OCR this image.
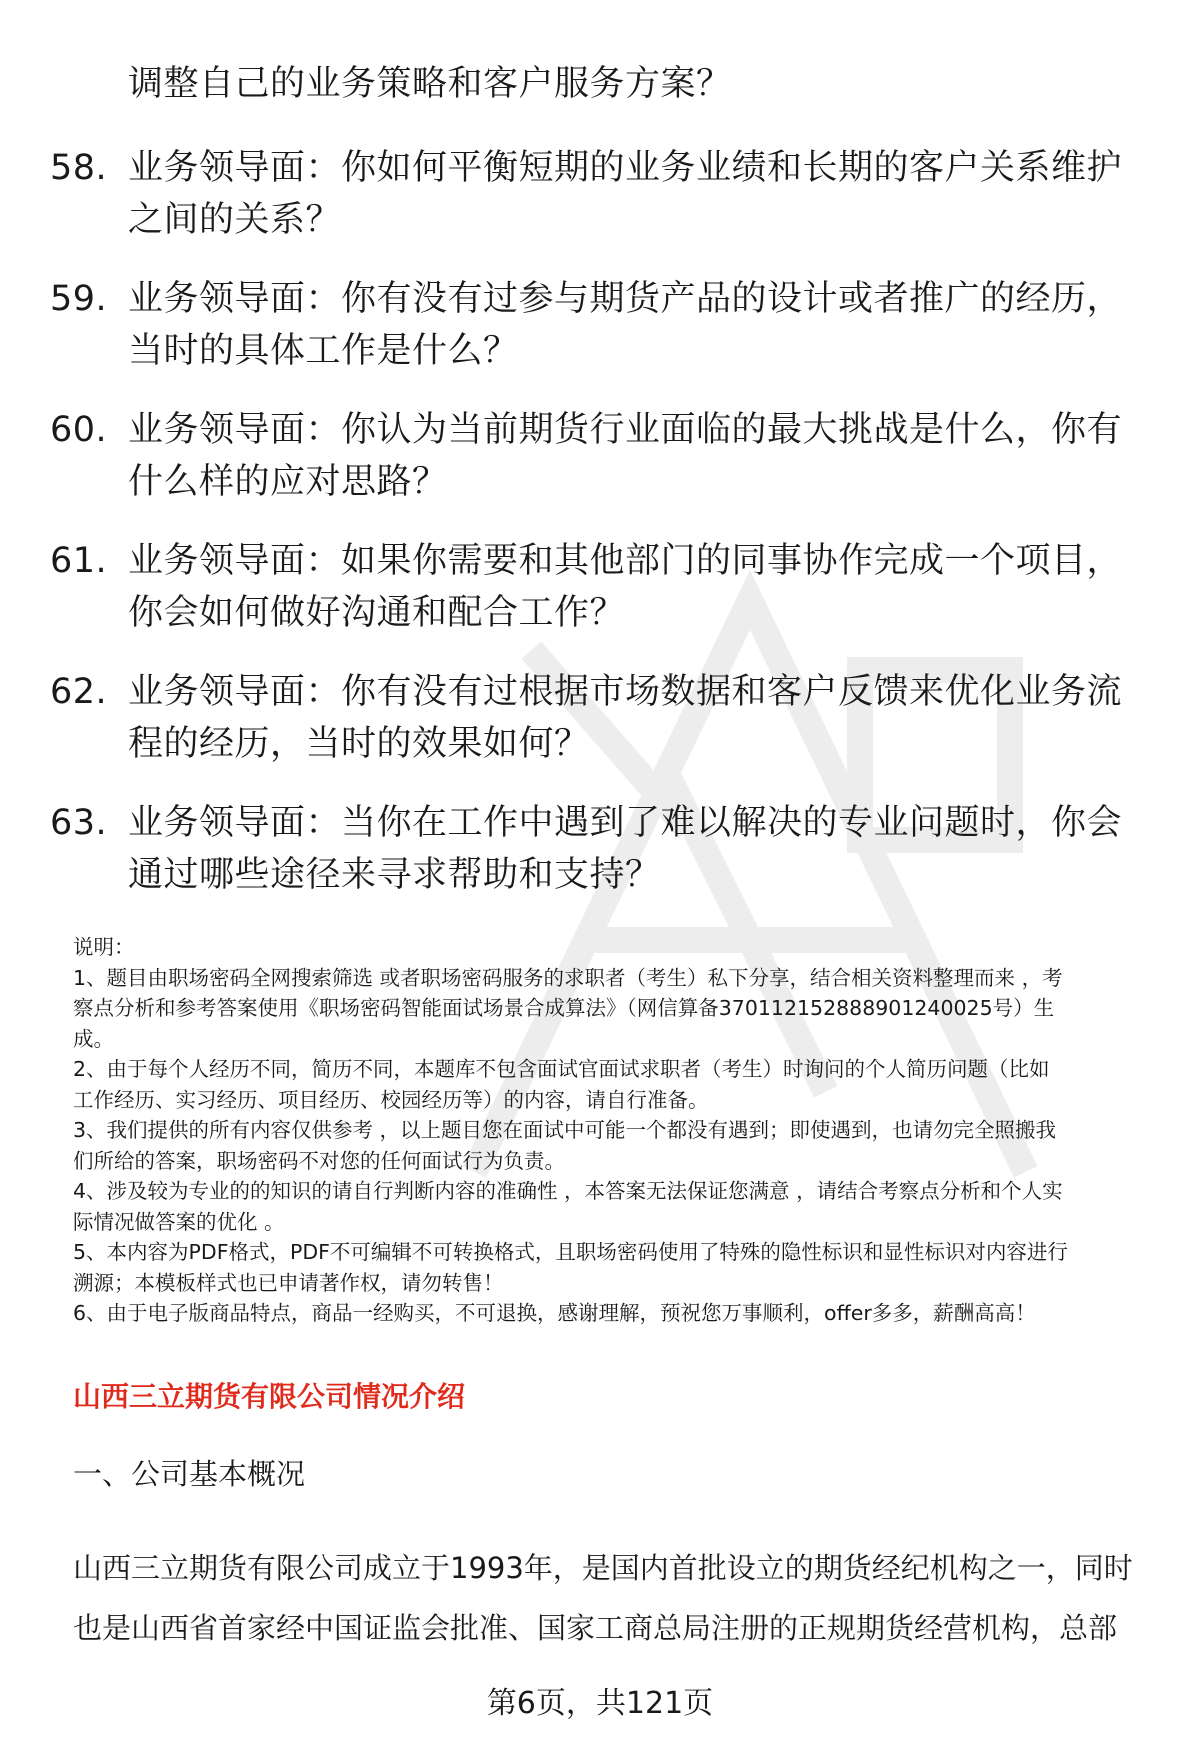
调整自己的业务策略和客户服务方案？
58. 业务领导面：你如何平衡短期的业务业绩和长期的客户关系维护
之间的关系？
59. 业务领导面：你有没有过参与期货产品的设计或者推广的经历，
当时的具体工作是什么？
60. 业务领导面：你认为当前期货行业面临的最大挑战是什么，你有
什么样的应对思路？
61. 业务领导面：如果你需要和其他部门的同事协作完成一个项目，
你会如何做好沟通和配合工作？
62. 业务领导面：你有没有过根据市场数据和客户反馈来优化业务流
程的经历，当时的效果如何？
63. 业务领导面：当你在工作中遇到了难以解决的专业问题时，你会
通过哪些途径来寻求帮助和支持？
说明：
1、题目由职场密码全网搜索筛选 或者职场密码服务的求职者（考生）私下分享，结合相关资料整理而来 ，考
察点分析和参考答案使用《职场密码智能面试场景合成算法》（网信算备370112152888901240025号）生
成。
2、由于每个人经历不同，简历不同，本题库不包含面试官面试求职者（考生）时询问的个人简历问题（比如
工作经历、实习经历、项目经历、校园经历等）的内容，请自行准备。
3、我们提供的所有内容仅供参考 ，以上题目您在面试中可能一个都没有遇到；即使遇到，也请勿完全照搬我
们所给的答案，职场密码不对您的任何面试行为负责。
4、涉及较为专业的的知识的请自行判断内容的准确性 ，本答案无法保证您满意 ，请结合考察点分析和个人实
际情况做答案的优化 。
5、本内容为PDF格式，PDF不可编辑不可转换格式，且职场密码使用了特殊的隐性标识和显性标识对内容进行
溯源；本模板样式也已申请著作权，请勿转售！
6、由于电子版商品特点，商品一经购买，不可退换，感谢理解，预祝您万事顺利，offer多多，薪酬高高！
山西三立期货有限公司情况介绍
一、公司基本概况
山西三立期货有限公司成立于1993年，是国内首批设立的期货经纪机构之一，同时
也是山西省首家经中国证监会批准、国家工商总局注册的正规期货经营机构，总部
第6页，共121页
